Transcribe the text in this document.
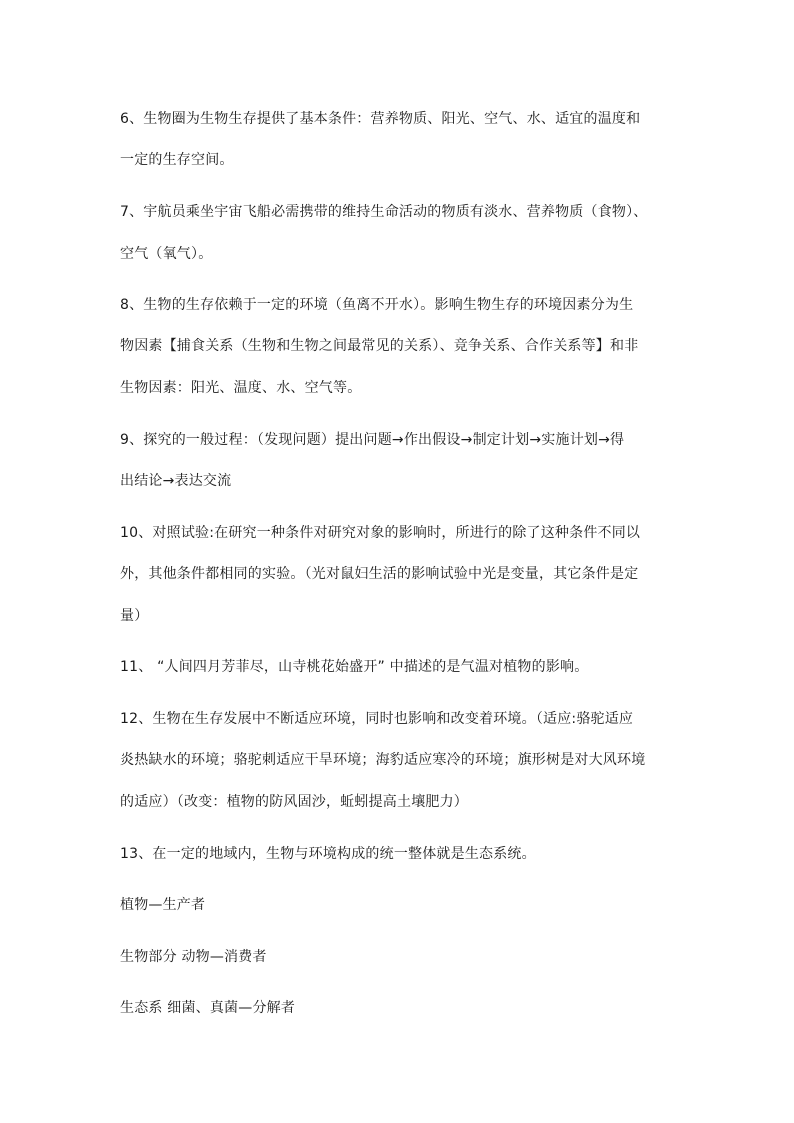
6、生物圈为生物生存提供了基本条件：营养物质、阳光、空气、水、适宜的温度和
一定的生存空间。
7、宇航员乘坐宇宙飞船必需携带的维持生命活动的物质有淡水、营养物质（食物）、
空气（氧气）。
8、生物的生存依赖于一定的环境（鱼离不开水）。影响生物生存的环境因素分为生
物因素【捕食关系（生物和生物之间最常见的关系）、竞争关系、合作关系等】和非
生物因素：阳光、温度、水、空气等。
9、探究的一般过程：（发现问题）提出问题→作出假设→制定计划→实施计划→得
出结论→表达交流
10、对照试验:在研究一种条件对研究对象的影响时，所进行的除了这种条件不同以
外，其他条件都相同的实验。（光对鼠妇生活的影响试验中光是变量，其它条件是定
量）
11、 “人间四月芳菲尽，山寺桃花始盛开” 中描述的是气温对植物的影响。
12、生物在生存发展中不断适应环境，同时也影响和改变着环境。（适应:骆驼适应
炎热缺水的环境；骆驼刺适应干旱环境；海豹适应寒冷的环境；旗形树是对大风环境
的适应）（改变：植物的防风固沙，蚯蚓提高土壤肥力）
13、在一定的地域内，生物与环境构成的统一整体就是生态系统。
植物—生产者
生物部分 动物—消费者
生态系 细菌、真菌—分解者
